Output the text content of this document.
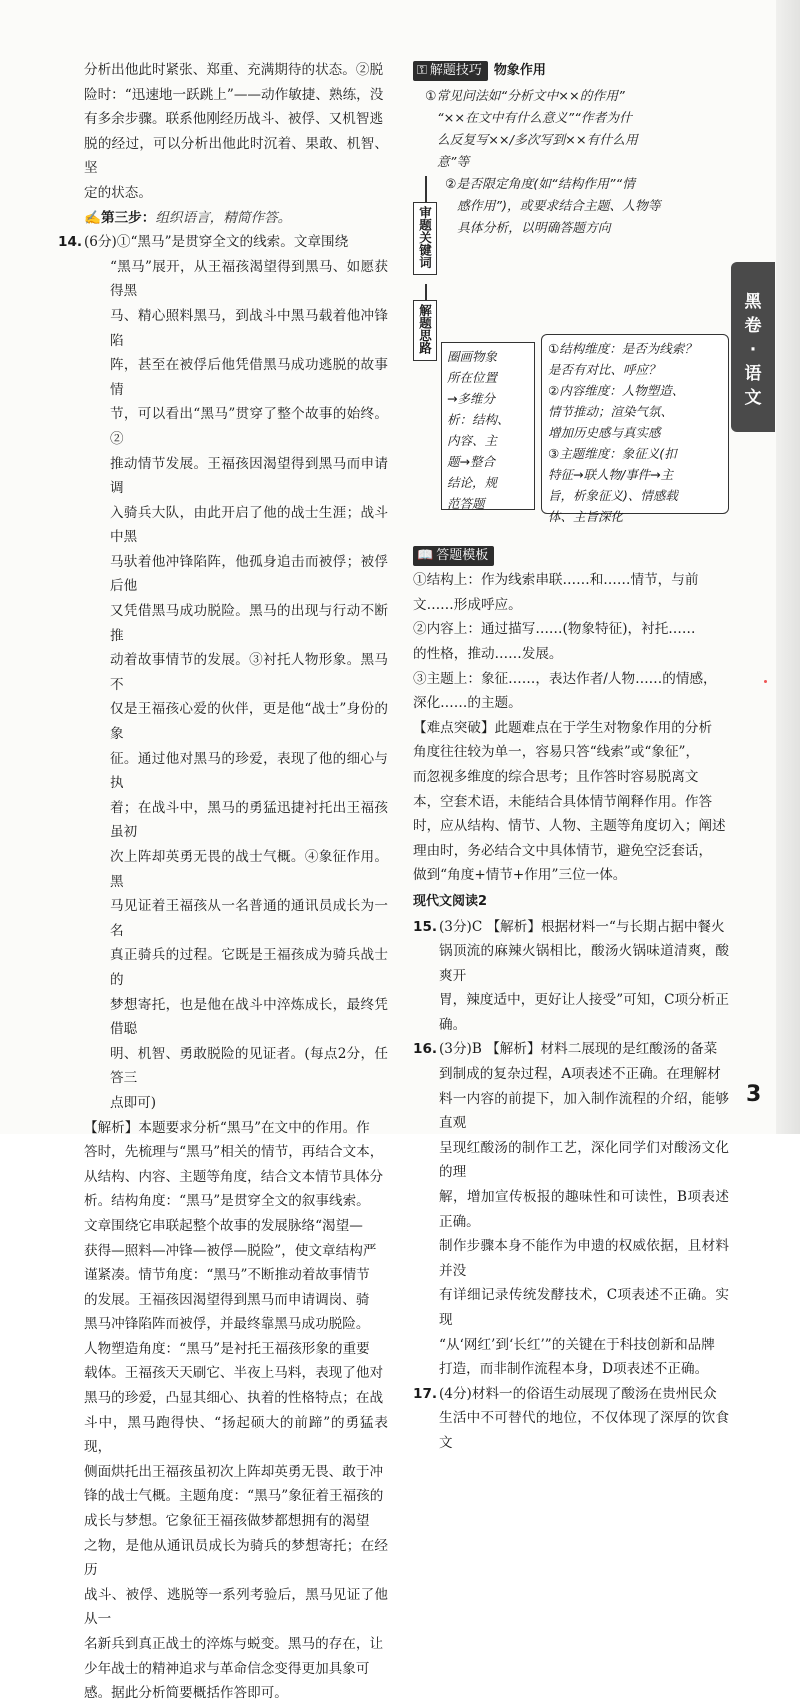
分析出他此时紧张、郑重、充满期待的状态。②脱
险时：“迅速地一跃跳上”——动作敏捷、熟练，没
有多余步骤。联系他刚经历战斗、被俘、又机智逃
脱的经过，可以分析出他此时沉着、果敢、机智、坚
定的状态。
✍第三步：组织语言，精简作答。
14. (6分)①“黑马”是贯穿全文的线索。文章围绕
“黑马”展开，从王福孩渴望得到黑马、如愿获得黑
马、精心照料黑马，到战斗中黑马载着他冲锋陷
阵，甚至在被俘后他凭借黑马成功逃脱的故事情
节，可以看出“黑马”贯穿了整个故事的始终。②
推动情节发展。王福孩因渴望得到黑马而申请调
入骑兵大队，由此开启了他的战士生涯；战斗中黑
马驮着他冲锋陷阵，他孤身追击而被俘；被俘后他
又凭借黑马成功脱险。黑马的出现与行动不断推
动着故事情节的发展。③衬托人物形象。黑马不
仅是王福孩心爱的伙伴，更是他“战士”身份的象
征。通过他对黑马的珍爱，表现了他的细心与执
着；在战斗中，黑马的勇猛迅捷衬托出王福孩虽初
次上阵却英勇无畏的战士气概。④象征作用。黑
马见证着王福孩从一名普通的通讯员成长为一名
真正骑兵的过程。它既是王福孩成为骑兵战士的
梦想寄托，也是他在战斗中淬炼成长，最终凭借聪
明、机智、勇敢脱险的见证者。(每点2分，任答三
点即可)
【解析】本题要求分析“黑马”在文中的作用。作
答时，先梳理与“黑马”相关的情节，再结合文本，
从结构、内容、主题等角度，结合文本情节具体分
析。结构角度：“黑马”是贯穿全文的叙事线索。
文章围绕它串联起整个故事的发展脉络“渴望—
获得—照料—冲锋—被俘—脱险”，使文章结构严
谨紧凑。情节角度：“黑马”不断推动着故事情节
的发展。王福孩因渴望得到黑马而申请调岗、骑
黑马冲锋陷阵而被俘，并最终靠黑马成功脱险。
人物塑造角度：“黑马”是衬托王福孩形象的重要
载体。王福孩天天刷它、半夜上马料，表现了他对
黑马的珍爱，凸显其细心、执着的性格特点；在战
斗中，黑马跑得快、“扬起硕大的前蹄”的勇猛表现，
侧面烘托出王福孩虽初次上阵却英勇无畏、敢于冲
锋的战士气概。主题角度：“黑马”象征着王福孩的
成长与梦想。它象征王福孩做梦都想拥有的渴望
之物，是他从通讯员成长为骑兵的梦想寄托；在经历
战斗、被俘、逃脱等一系列考验后，黑马见证了他从一
名新兵到真正战士的淬炼与蜕变。黑马的存在，让
少年战士的精神追求与革命信念变得更加具象可
感。据此分析简要概括作答即可。
⚿ 解题技巧 物象作用
①常见问法如“分析文中××的作用”
“××在文中有什么意义”“作者为什
么反复写××/多次写到××有什么用
意”等
②是否限定角度(如“结构作用”“情
感作用”)，或要求结合主题、人物等
具体分析，以明确答题方向
审题关键词
解题思路
圈画物象
所在位置
→多维分
析：结构、
内容、主
题→整合
结论，规
范答题
①结构维度：是否为线索？
是否有对比、呼应？
②内容维度：人物塑造、
情节推动；渲染气氛、
增加历史感与真实感
③主题维度：象征义(扣
特征→联人物/事件→主
旨，析象征义)、情感载
体、主旨深化
📖 答题模板
①结构上：作为线索串联……和……情节，与前
文……形成呼应。
②内容上：通过描写……(物象特征)，衬托……
的性格，推动……发展。
③主题上：象征……，表达作者/人物……的情感，
深化……的主题。
【难点突破】此题难点在于学生对物象作用的分析
角度往往较为单一，容易只答“线索”或“象征”，
而忽视多维度的综合思考；且作答时容易脱离文
本，空套术语，未能结合具体情节阐释作用。作答
时，应从结构、情节、人物、主题等角度切入；阐述
理由时，务必结合文中具体情节，避免空泛套话，
做到“角度+情节+作用”三位一体。
现代文阅读2
15. (3分)C 【解析】根据材料一“与长期占据中餐火
锅顶流的麻辣火锅相比，酸汤火锅味道清爽，酸爽开
胃，辣度适中，更好让人接受”可知，C项分析正确。
16. (3分)B 【解析】材料二展现的是红酸汤的备菜
到制成的复杂过程，A项表述不正确。在理解材
料一内容的前提下，加入制作流程的介绍，能够直观
呈现红酸汤的制作工艺，深化同学们对酸汤文化的理
解，增加宣传板报的趣味性和可读性，B项表述正确。
制作步骤本身不能作为申遗的权威依据，且材料并没
有详细记录传统发酵技术，C项表述不正确。实现
“从‘网红’到‘长红’”的关键在于科技创新和品牌
打造，而非制作流程本身，D项表述不正确。
17. (4分)材料一的俗语生动展现了酸汤在贵州民众
生活中不可替代的地位，不仅体现了深厚的饮食文
黑
卷
·
语
文
3
